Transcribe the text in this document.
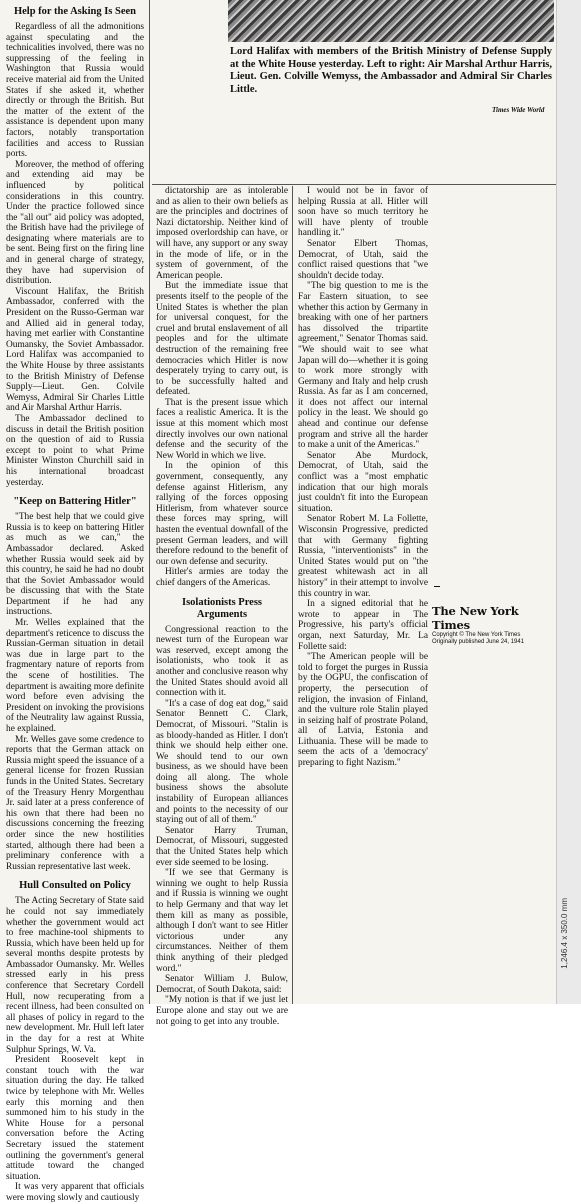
Help for the Asking Is Seen

Regardless of all the admonitions against speculating and the technicalities involved, there was no suppressing of the feeling in Washington that Russia would receive material aid from the United States if she asked it, whether directly or through the British. But the matter of the extent of the assistance is dependent upon many factors, notably transportation facilities and access to Russian ports.

Moreover, the method of offering and extending aid may be influenced by political considerations in this country. Under the practice followed since the "all out" aid policy was adopted, the British have had the privilege of designating where materials are to be sent. Being first on the firing line and in general charge of strategy, they have had supervision of distribution.

Viscount Halifax, the British Ambassador, conferred with the President on the Russo-German war and Allied aid in general today, having met earlier with Constantine Oumansky, the Soviet Ambassador. Lord Halifax was accompanied to the White House by three assistants to the British Ministry of Defense Supply—Lieut. Gen. Colvile Wemyss, Admiral Sir Charles Little and Air Marshal Arthur Harris.

The Ambassador declined to discuss in detail the British position on the question of aid to Russia except to point to what Prime Minister Winston Churchill said in his international broadcast yesterday.

"Keep on Battering Hitler"

"The best help that we could give Russia is to keep on battering Hitler as much as we can," the Ambassador declared. Asked whether Russia would seek aid by this country, he said he had no doubt that the Soviet Ambassador would be discussing that with the State Department if he had any instructions.

Mr. Welles explained that the department's reticence to discuss the Russian-German situation in detail was due in large part to the fragmentary nature of reports from the scene of hostilities. The department is awaiting more definite word before even advising the President on invoking the provisions of the Neutrality law against Russia, he explained.

Mr. Welles gave some credence to reports that the German attack on Russia might speed the issuance of a general license for frozen Russian funds in the United States. Secretary of the Treasury Henry Morgenthau Jr. said later at a press conference of his own that there had been no discussions concerning the freezing order since the new hostilities started, although there had been a preliminary conference with a Russian representative last week.

Hull Consulted on Policy

The Acting Secretary of State said he could not say immediately whether the government would act to free machine-tool shipments to Russia, which have been held up for several months despite protests by Ambassador Oumansky. Mr. Welles stressed early in his press conference that Secretary Cordell Hull, now recuperating from a recent illness, had been consulted on all phases of policy in regard to the new development. Mr. Hull left later in the day for a rest at White Sulphur Springs, W. Va.

President Roosevelt kept in constant touch with the war situation during the day. He talked twice by telephone with Mr. Welles early this morning and then summoned him to his study in the White House for a personal conversation before the Acting Secretary issued the statement outlining the government's general attitude toward the changed situation.

It was very apparent that officials were moving slowly and cautiously

Lord Halifax with members of the British Ministry of Defense Supply at the White House yesterday. Left to right: Air Marshal Arthur Harris, Lieut. Gen. Colville Wemyss, the Ambassador and Admiral Sir Charles Little.
Times Wide World

dictatorship are as intolerable and as alien to their own beliefs as are the principles and doctrines of Nazi dictatorship. Neither kind of imposed overlordship can have, or will have, any support or any sway in the mode of life, or in the system of government, of the American people.

But the immediate issue that presents itself to the people of the United States is whether the plan for universal conquest, for the cruel and brutal enslavement of all peoples and for the ultimate destruction of the remaining free democracies which Hitler is now desperately trying to carry out, is to be successfully halted and defeated.

That is the present issue which faces a realistic America. It is the issue at this moment which most directly involves our own national defense and the security of the New World in which we live.

In the opinion of this government, consequently, any defense against Hitlerism, any rallying of the forces opposing Hitlerism, from whatever source these forces may spring, will hasten the eventual downfall of the present German leaders, and will therefore redound to the benefit of our own defense and security.

Hitler's armies are today the chief dangers of the Americas.

Isolationists Press Arguments

Congressional reaction to the newest turn of the European war was reserved, except among the isolationists, who took it as another and conclusive reason why the United States should avoid all connection with it.

"It's a case of dog eat dog," said Senator Bennett C. Clark, Democrat, of Missouri. "Stalin is as bloody-handed as Hitler. I don't think we should help either one. We should tend to our own business, as we should have been doing all along. The whole business shows the absolute instability of European alliances and points to the necessity of our staying out of all of them."

Senator Harry Truman, Democrat, of Missouri, suggested that the United States help which ever side seemed to be losing.

"If we see that Germany is winning we ought to help Russia and if Russia is winning we ought to help Germany and that way let them kill as many as possible, although I don't want to see Hitler victorious under any circumstances. Neither of them think anything of their pledged word."

Senator William J. Bulow, Democrat, of South Dakota, said:

"My notion is that if we just let Europe alone and stay out we are not going to get into any trouble.

I would not be in favor of helping Russia at all. Hitler will soon have so much territory he will have plenty of trouble handling it."

Senator Elbert Thomas, Democrat, of Utah, said the conflict raised questions that "we shouldn't decide today.

"The big question to me is the Far Eastern situation, to see whether this action by Germany in breaking with one of her partners has dissolved the tripartite agreement," Senator Thomas said. "We should wait to see what Japan will do—whether it is going to work more strongly with Germany and Italy and help crush Russia. As far as I am concerned, it does not affect our internal policy in the least. We should go ahead and continue our defense program and strive all the harder to make a unit of the Americas."

Senator Abe Murdock, Democrat, of Utah, said the conflict was a "most emphatic indication that our high morals just couldn't fit into the European situation.

Senator Robert M. La Follette, Wisconsin Progressive, predicted that with Germany fighting Russia, "interventionists" in the United States would put on "the greatest whitewash act in all history" in their attempt to involve this country in war.

In a signed editorial that he wrote to appear in The Progressive, his party's official organ, next Saturday, Mr. La Follette said:

"The American people will be told to forget the purges in Russia by the OGPU, the confiscation of property, the persecution of religion, the invasion of Finland, and the vulture role Stalin played in seizing half of prostrate Poland, all of Latvia, Estonia and Lithuania. These will be made to seem the acts of a 'democracy' preparing to fight Nazism."

The New York Times
Copyright © The New York Times
Originally published June 24, 1941
1,246.4 x 350.0 mm
